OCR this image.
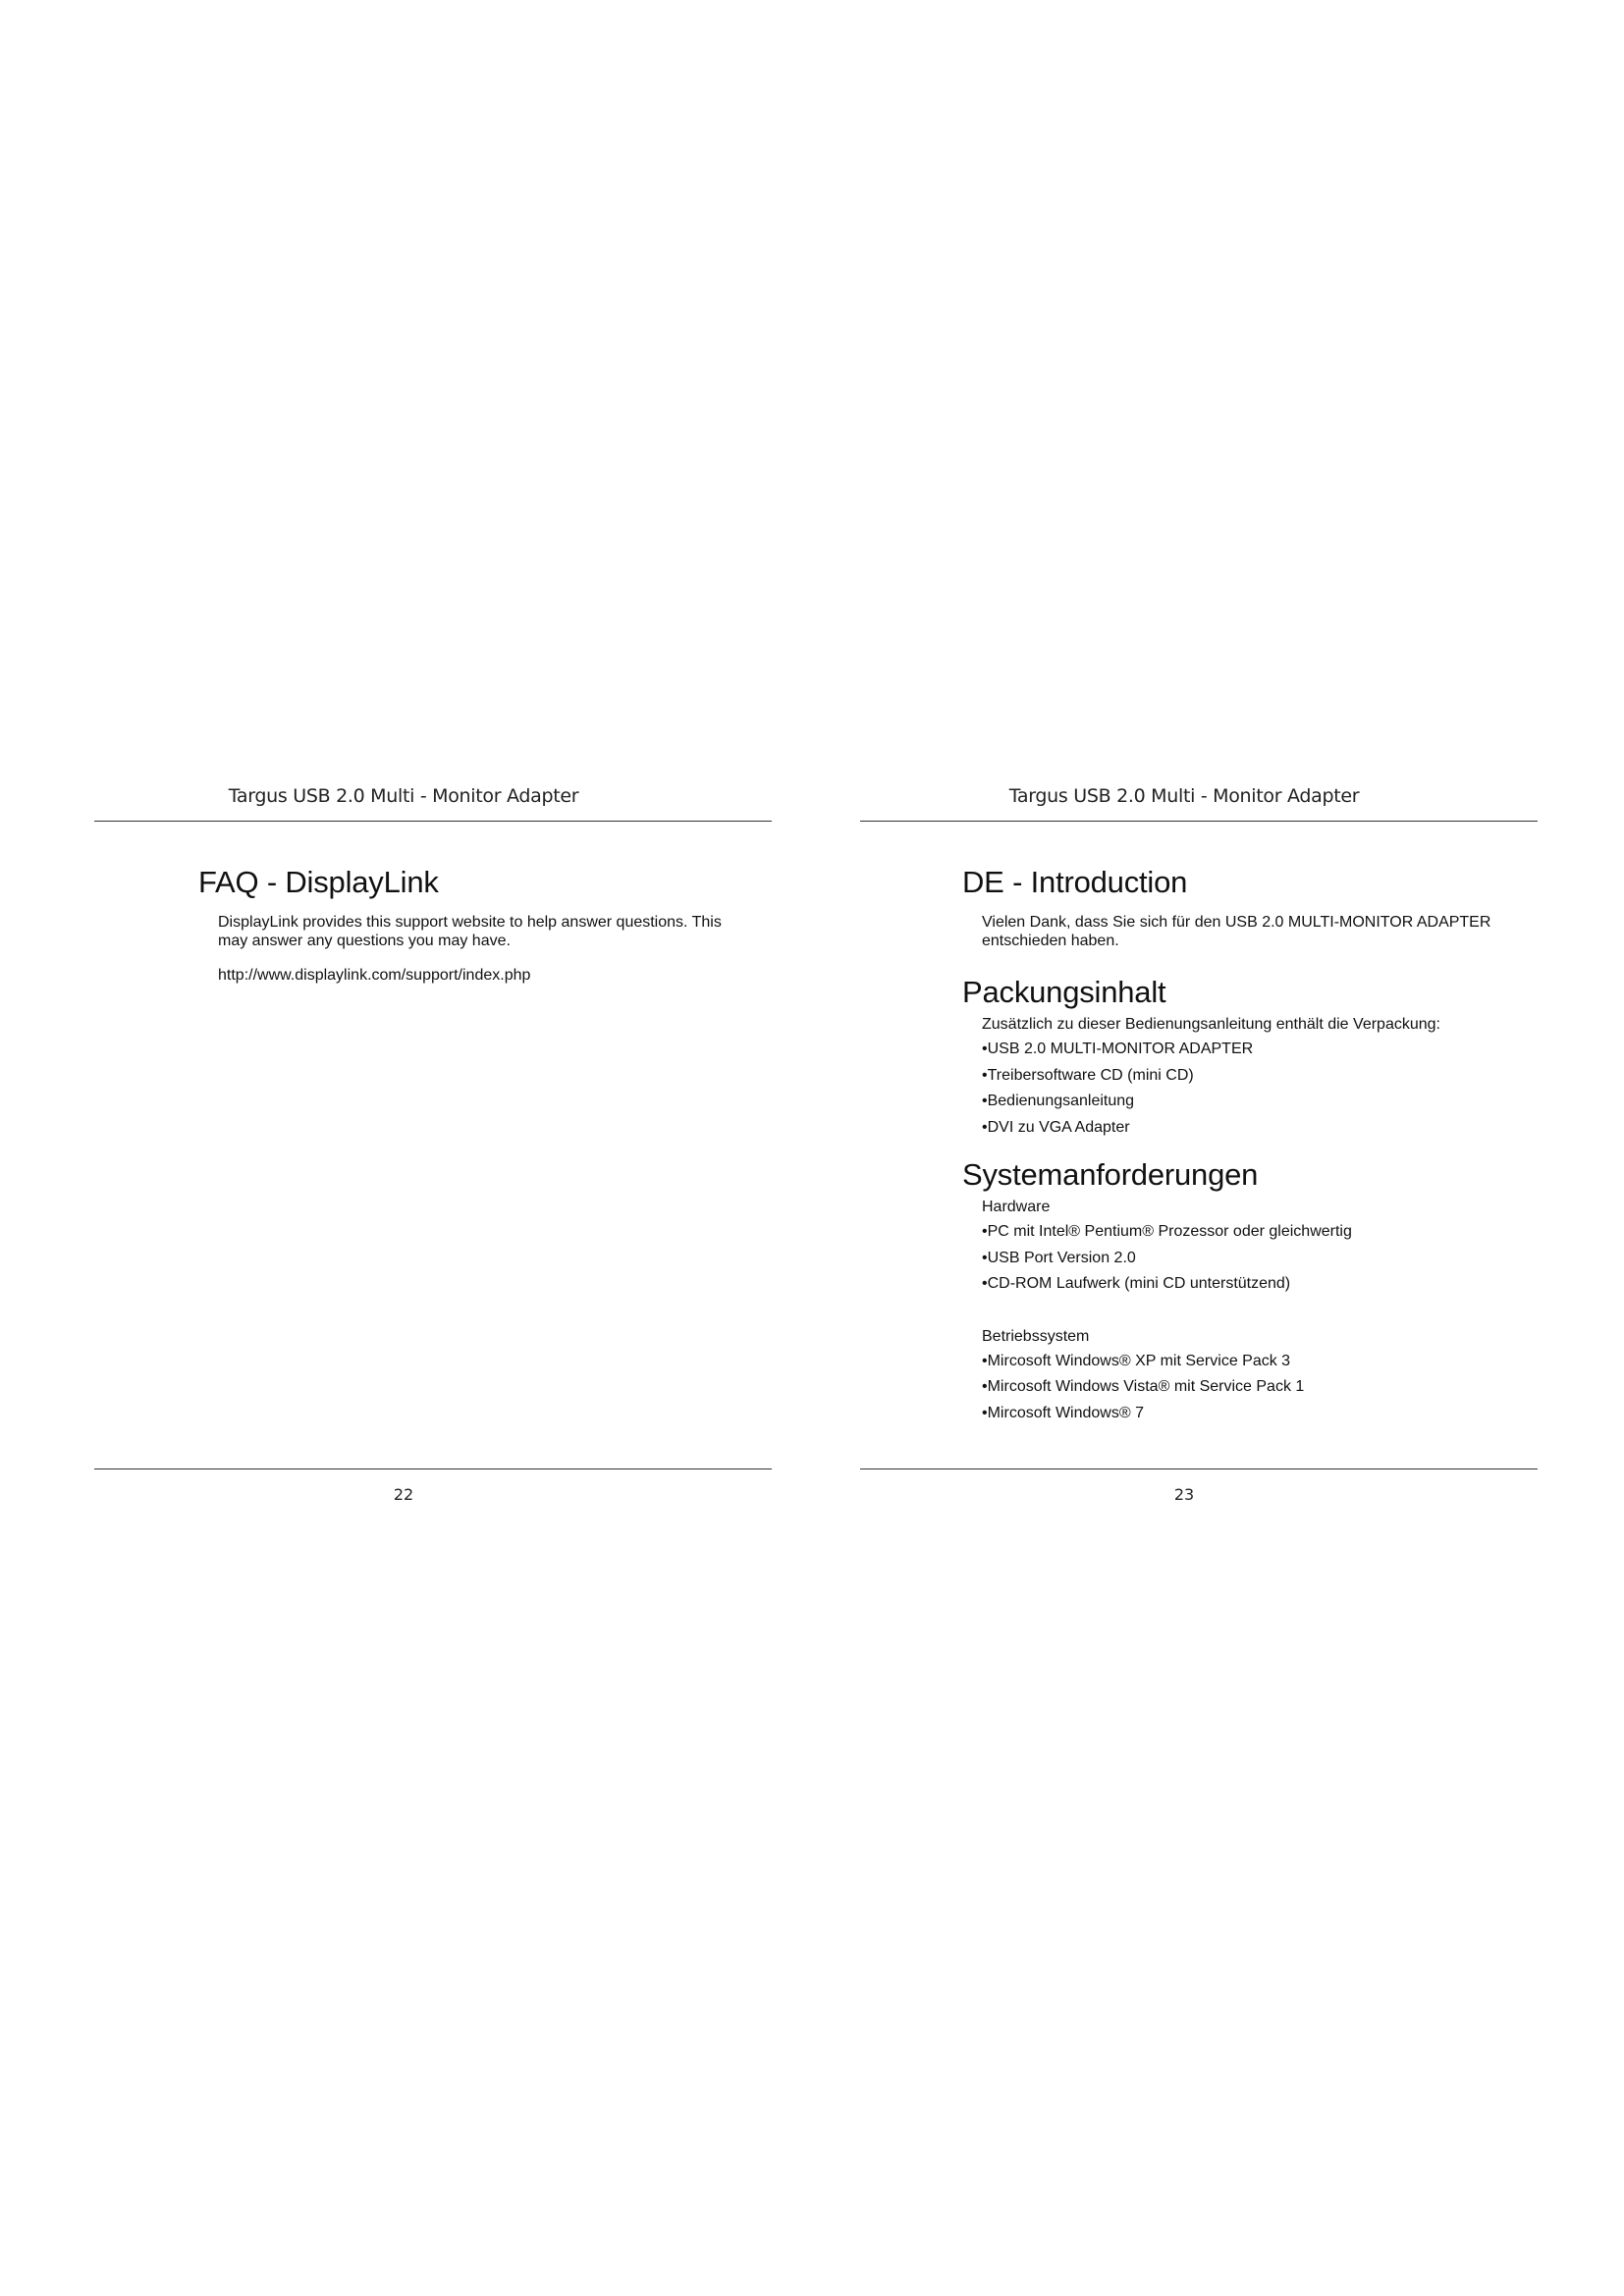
Targus USB 2.0 Multi - Monitor Adapter
FAQ - DisplayLink

DisplayLink provides this support website to help answer questions. This

may answer any questions you may have.

http://www.displaylink.com/support/index.php

22
Targus USB 2.0 Multi - Monitor Adapter
DE - Introduction

Vielen Dank, dass Sie sich für den USB 2.0 MULTI-MONITOR ADAPTER

entschieden haben.

Packungsinhalt
Zusätzlich zu dieser Bedienungsanleitung enthält die Verpackung:
•USB 2.0 MULTI-MONITOR ADAPTER
•Treibersoftware CD (mini CD)
•Bedienungsanleitung
•DVI zu VGA Adapter
Systemanforderungen
Hardware
•PC mit Intel® Pentium® Prozessor oder gleichwertig
•USB Port Version 2.0
•CD-ROM Laufwerk (mini CD unterstützend)
Betriebssystem
•Mircosoft Windows® XP mit Service Pack 3
•Mircosoft Windows Vista® mit Service Pack 1
•Mircosoft Windows® 7
23
